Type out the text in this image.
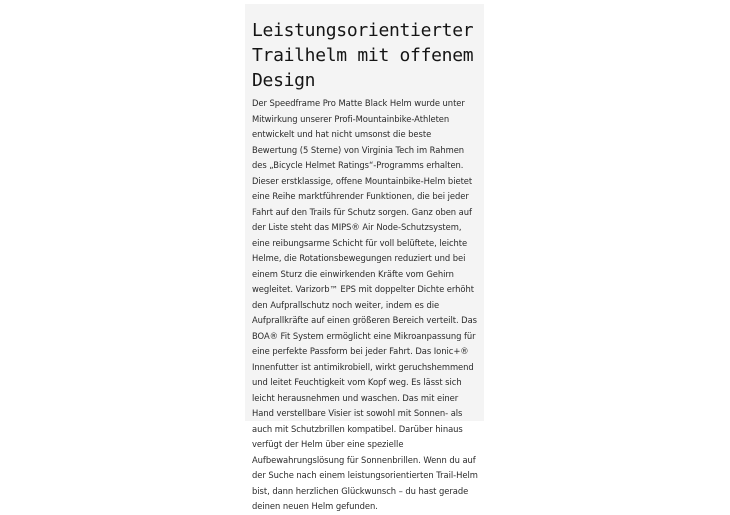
Leistungsorientierter Trailhelm mit offenem Design

Der Speedframe Pro Matte Black Helm wurde unter Mitwirkung unserer Profi-Mountainbike-Athleten entwickelt und hat nicht umsonst die beste Bewertung (5 Sterne) von Virginia Tech im Rahmen des „Bicycle Helmet Ratings“-Programms erhalten. Dieser erstklassige, offene Mountainbike-Helm bietet eine Reihe marktführender Funktionen, die bei jeder Fahrt auf den Trails für Schutz sorgen. Ganz oben auf der Liste steht das MIPS® Air Node-Schutzsystem, eine reibungsarme Schicht für voll belüftete, leichte Helme, die Rotationsbewegungen reduziert und bei einem Sturz die einwirkenden Kräfte vom Gehirn wegleitet. Varizorb™ EPS mit doppelter Dichte erhöht den Aufprallschutz noch weiter, indem es die Aufprallkräfte auf einen größeren Bereich verteilt. Das BOA® Fit System ermöglicht eine Mikroanpassung für eine perfekte Passform bei jeder Fahrt. Das Ionic+® Innenfutter ist antimikrobiell, wirkt geruchshemmend und leitet Feuchtigkeit vom Kopf weg. Es lässt sich leicht herausnehmen und waschen. Das mit einer Hand verstellbare Visier ist sowohl mit Sonnen- als auch mit Schutzbrillen kompatibel. Darüber hinaus verfügt der Helm über eine spezielle Aufbewahrungslösung für Sonnenbrillen. Wenn du auf der Suche nach einem leistungsorientierten Trail-Helm bist, dann herzlichen Glückwunsch – du hast gerade deinen neuen Helm gefunden.
